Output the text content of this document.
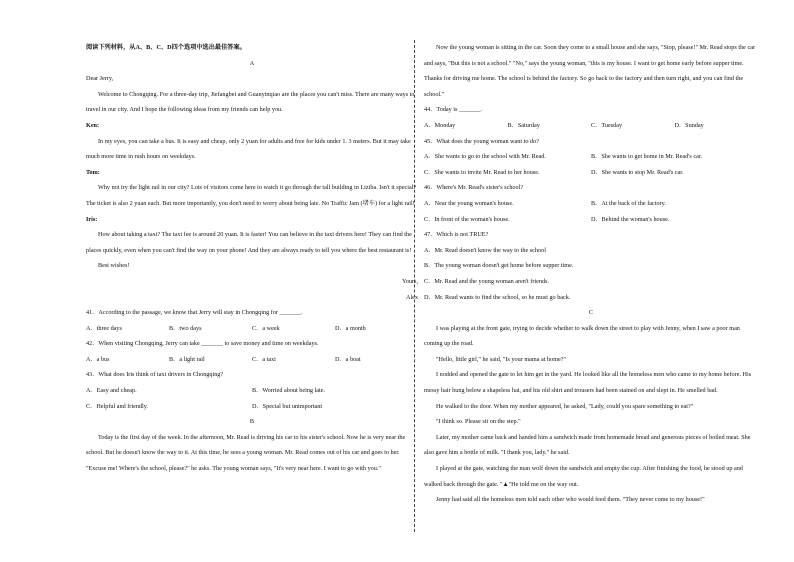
阅读下列材料，从A、B、C、D四个选项中选出最佳答案。

A

Dear Jerry,

Welcome to Chongqing. For a three-day trip, Jiefangbei and Guanyinqiao are the places you can't miss. There are many ways to travel in our city. And I hope the following ideas from my friends can help you.

Ken:

In my eyes, you can take a bus. It is easy and cheap, only 2 yuan for adults and free for kids under 1. 3 meters. But it may take much more time in rush hours on weekdays.

Tom:

Why not try the light rail in our city? Lots of visitors come here to watch it go through the tall building in Liziba. Isn't it special? The ticket is also 2 yuan each. But more importantly, you don't need to worry about being late. No Traffic Jam (堵车) for a light rail!

Iris:

How about taking a taxi? The taxi fee is around 20 yuan. It is faster! You can believe in the taxi drivers here! They can find the places quickly, even when you can't find the way on your phone! And they are always ready to tell you where the best restaurant is!

Best wishes!

Yours,

Alex

41．According to the passage, we know that Jerry will stay in Chongqing for _______.

A．three days	B．two days	C．a week	D．a month

42．When visiting Chongqing, Jerry can take _______ to save money and time on weekdays.

A．a bus	B．a light rail	C．a taxi	D．a boat

43．What does Iris think of taxi drivers in Chongqing?

A．Easy and cheap.	B．Worried about being late.
C．Helpful and friendly.	D．Special but unimportant

B

Today is the first day of the week. In the afternoon, Mr. Read is driving his car to his sister's school. Now he is very near the school. But he doesn't know the way to it. At this time, he sees a young woman. Mr. Read comes out of his car and goes to her. "Excuse me! Where's the school, please?" he asks. The young woman says, "It's very near here. I want to go with you."

Now the young woman is sitting in the car. Soon they come to a small house and she says, "Stop, please!" Mr. Read stops the car and says, "But this is not a school." "No," says the young woman, "this is my house. I want to get home early before supper time. Thanks for driving me home. The school is behind the factory. So go back to the factory and then turn right, and you can find the school."

44．Today is _______.

A．Monday	B．Saturday	C．Tuesday	D．Sunday

45．What does the young woman want to do?

A．She wants to go to the school with Mr. Read.	B．She wants to get home in Mr. Read's car.
C．She wants to invite Mr. Read to her house.	D．She wants to stop Mr. Read's car.

46．Where's Mr. Read's sister's school?

A．Near the young woman's house.	B．At the back of the factory.
C．In front of the woman's house.	D．Behind the woman's house.

47．Which is not TRUE?

A．Mr. Read doesn't know the way to the school
B．The young woman doesn't get home before supper time.
C．Mr. Read and the young woman aren't friends.
D．Mr. Read wants to find the school, so he must go back.

C

I was playing at the front gate, trying to decide whether to walk down the street to play with Jenny, when I saw a poor man coming up the road.

"Hello, little girl," he said, "Is your mama at home?"

I nodded and opened the gate to let him get in the yard. He looked like all the homeless men who came to my home before. His messy hair hung below a shapeless hat, and his old shirt and trousers had been stained on and slept in. He smelled bad.

He walked to the door. When my mother appeared, he asked, "Lady, could you spare something to eat?"

"I think so. Please sit on the step."

Later, my mother came back and handed him a sandwich made from homemade bread and generous pieces of boiled meat. She also gave him a bottle of milk. "I thank you, lady." he said.

I played at the gate, watching the man wolf down the sandwich and empty the cup. After finishing the food, he stood up and walked back through the gate. "▲"He told me on the way out.

Jenny had said all the homeless men told each other who would feed them. "They never come to my house!"
